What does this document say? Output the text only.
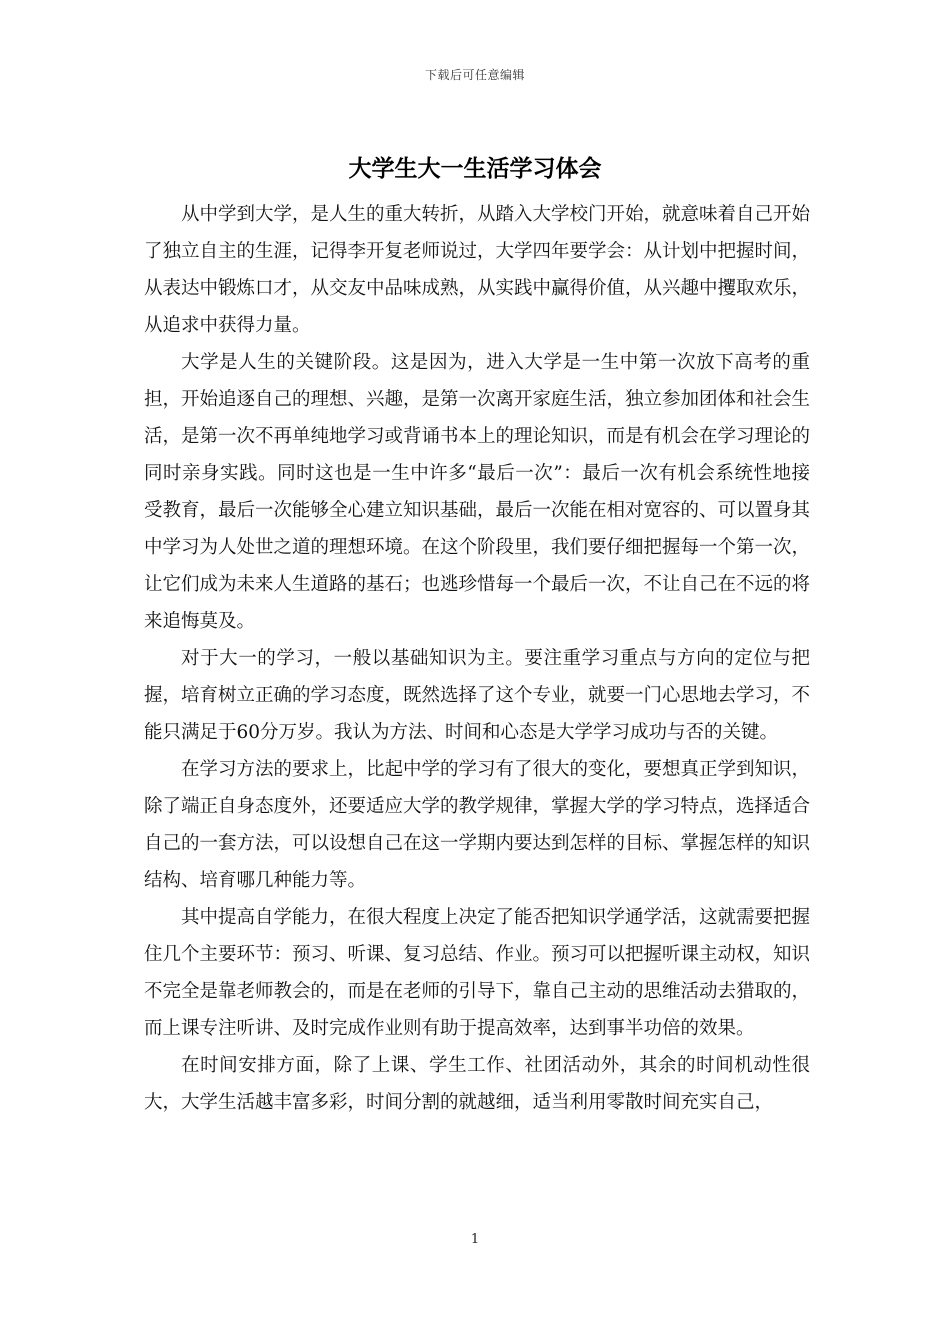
下载后可任意编辑
大学生大一生活学习体会

从中学到大学，是人生的重大转折，从踏入大学校门开始，就意味着自己开始了独立自主的生涯，记得李开复老师说过，大学四年要学会：从计划中把握时间，从表达中锻炼口才，从交友中品味成熟，从实践中赢得价值，从兴趣中攫取欢乐，从追求中获得力量。

大学是人生的关键阶段。这是因为，进入大学是一生中第一次放下高考的重担，开始追逐自己的理想、兴趣，是第一次离开家庭生活，独立参加团体和社会生活，是第一次不再单纯地学习或背诵书本上的理论知识，而是有机会在学习理论的同时亲身实践。同时这也是一生中许多“最后一次”：最后一次有机会系统性地接受教育，最后一次能够全心建立知识基础，最后一次能在相对宽容的、可以置身其中学习为人处世之道的理想环境。在这个阶段里，我们要仔细把握每一个第一次，让它们成为未来人生道路的基石；也逃珍惜每一个最后一次，不让自己在不远的将来追悔莫及。

对于大一的学习，一般以基础知识为主。要注重学习重点与方向的定位与把握，培育树立正确的学习态度，既然选择了这个专业，就要一门心思地去学习，不能只满足于60分万岁。我认为方法、时间和心态是大学学习成功与否的关键。

在学习方法的要求上，比起中学的学习有了很大的变化，要想真正学到知识，除了端正自身态度外，还要适应大学的教学规律，掌握大学的学习特点，选择适合自己的一套方法，可以设想自己在这一学期内要达到怎样的目标、掌握怎样的知识结构、培育哪几种能力等。

其中提高自学能力，在很大程度上决定了能否把知识学通学活，这就需要把握住几个主要环节：预习、听课、复习总结、作业。预习可以把握听课主动权，知识不完全是靠老师教会的，而是在老师的引导下，靠自己主动的思维活动去猎取的，而上课专注听讲、及时完成作业则有助于提高效率，达到事半功倍的效果。

在时间安排方面，除了上课、学生工作、社团活动外，其余的时间机动性很大，大学生活越丰富多彩，时间分割的就越细，适当利用零散时间充实自己，

1
